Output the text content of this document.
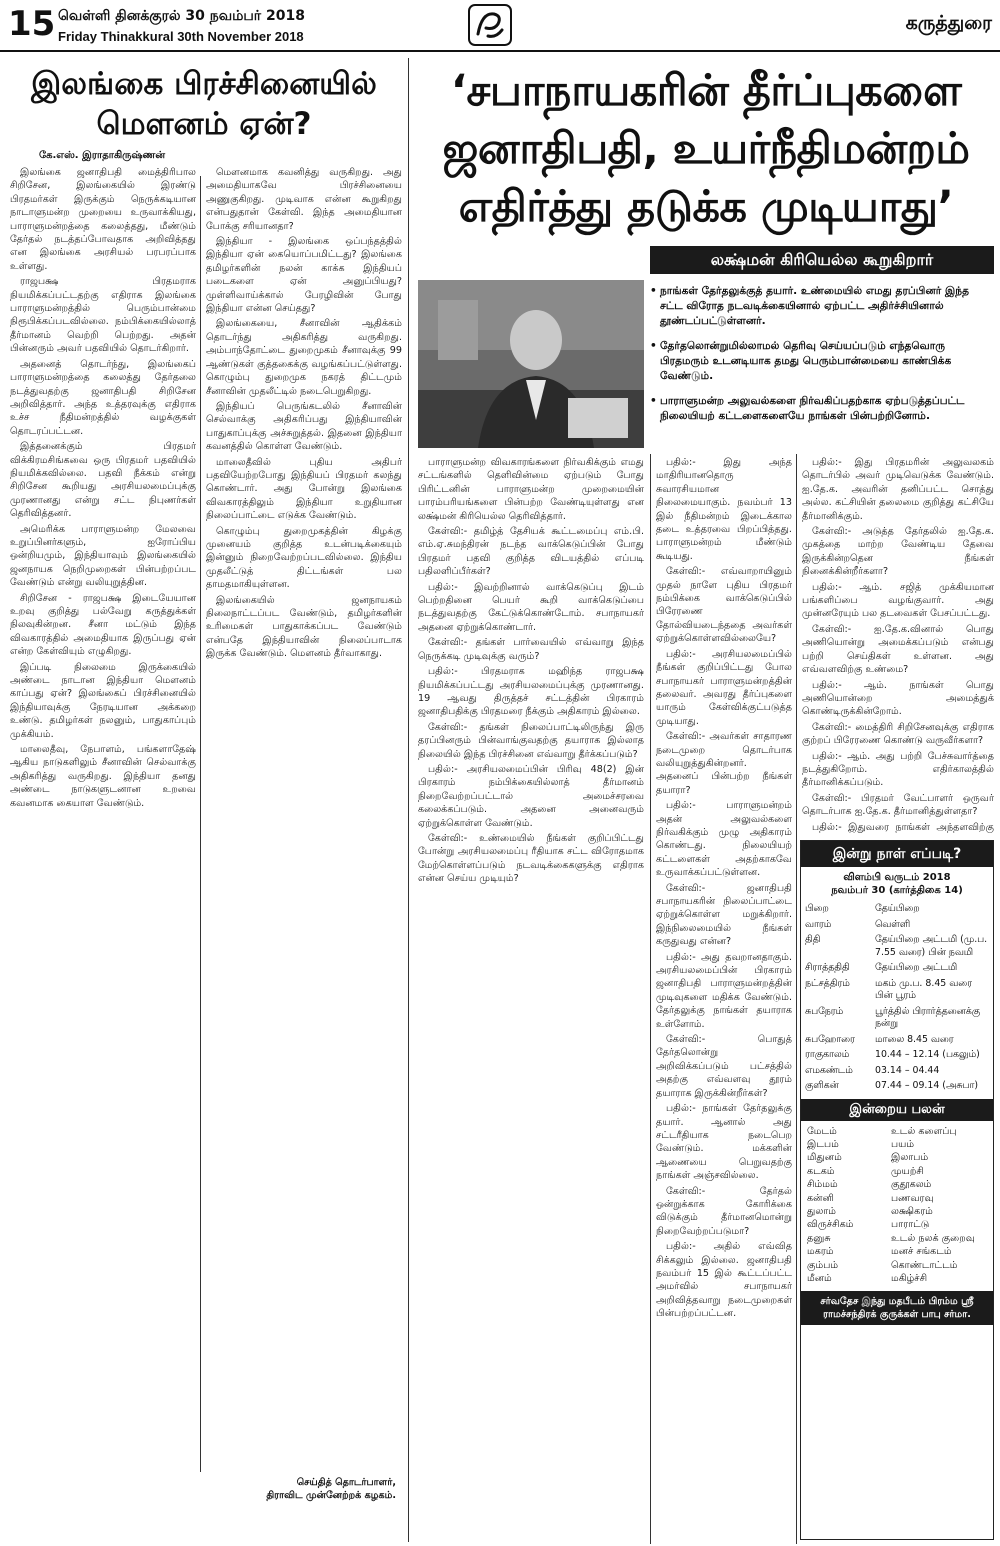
15 வெள்ளி தினக்குரல் 30 நவம்பர் 2018
Friday Thinakkural 30th November 2018
கருத்துரை
இலங்கை பிரச்சினையில்
மௌனம் ஏன்?
கே.எஸ். இராதாகிருஷ்ணன்

இலங்கை ஜனாதிபதி மைத்திரிபால சிறிசேன, இலங்கையில் இரண்டு பிரதமர்கள் இருக்கும் நெருக்கடியான நாடாளுமன்ற முறையை உருவாக்கியது, பாராளுமன்றத்தை கலைத்தது, மீண்டும் தேர்தல் நடத்தப்போவதாக அறிவித்தது என இலங்கை அரசியல் பரபரப்பாக உள்ளது.

ராஜபக்ஷ பிரதமராக நியமிக்கப்பட்டதற்கு எதிராக இலங்கை பாராளுமன்றத்தில் பெரும்பான்மை நிரூபிக்கப்படவில்லை. நம்பிக்கையில்லாத் தீர்மானம் வெற்றி பெற்றது. அதன் பின்னரும் அவர் பதவியில் தொடர்கிறார்.

அதனைத் தொடர்ந்து, இலங்கைப் பாராளுமன்றத்தை கலைத்து தேர்தலை நடத்துவதற்கு ஜனாதிபதி சிறிசேன அறிவித்தார். அந்த உத்தரவுக்கு எதிராக உச்ச நீதிமன்றத்தில் வழக்குகள் தொடரப்பட்டன.

இத்தனைக்கும் பிரதமர் விக்கிரமசிங்கவை ஒரு பிரதமர் பதவியில் நியமிக்கவில்லை. பதவி நீக்கம் என்று சிறிசேன கூறியது அரசியலமைப்புக்கு முரணானது என்று சட்ட நிபுணர்கள் தெரிவித்தனர்.

அமெரிக்க பாராளுமன்ற மேலவை உறுப்பினர்களும், ஐரோப்பிய ஒன்றியமும், இந்தியாவும் இலங்கையில் ஜனநாயக நெறிமுறைகள் பின்பற்றப்பட வேண்டும் என்று வலியுறுத்தின.

சிறிசேன - ராஜபக்ஷ இடையேயான உறவு குறித்து பல்வேறு கருத்துக்கள் நிலவுகின்றன. சீனா மட்டும் இந்த விவகாரத்தில் அமைதியாக இருப்பது ஏன் என்ற கேள்வியும் எழுகிறது.

இப்படி நிலைமை இருக்கையில் அண்டை நாடான இந்தியா மௌனம் காப்பது ஏன்? இலங்கைப் பிரச்சினையில் இந்தியாவுக்கு நேரடியான அக்கறை உண்டு. தமிழர்கள் நலனும், பாதுகாப்பும் முக்கியம்.

மாலைதீவு, நேபாளம், பங்களாதேஷ் ஆகிய நாடுகளிலும் சீனாவின் செல்வாக்கு அதிகரித்து வருகிறது. இந்தியா தனது அண்டை நாடுகளுடனான உறவை கவனமாக கையாள வேண்டும்.

மௌனமாக கவனித்து வருகிறது. அது அமைதியாகவே பிரச்சினையை அணுகுகிறது. முடிவாக என்ன கூறுகிறது என்பதுதான் கேள்வி. இந்த அமைதியான போக்கு சரியானதா?

இந்தியா - இலங்கை ஒப்பந்தத்தில் இந்தியா ஏன் கையொப்பமிட்டது? இலங்கை தமிழர்களின் நலன் காக்க இந்தியப் படைகளை ஏன் அனுப்பியது? முள்ளிவாய்க்கால் பேரழிவின் போது இந்தியா என்ன செய்தது?

இலங்கையை, சீனாவின் ஆதிக்கம் தொடர்ந்து அதிகரித்து வருகிறது. அம்பாந்தோட்டை துறைமுகம் சீனாவுக்கு 99 ஆண்டுகள் குத்தகைக்கு வழங்கப்பட்டுள்ளது. கொழும்பு துறைமுக நகரத் திட்டமும் சீனாவின் முதலீட்டில் நடைபெறுகிறது.

இந்தியப் பெருங்கடலில் சீனாவின் செல்வாக்கு அதிகரிப்பது இந்தியாவின் பாதுகாப்புக்கு அச்சுறுத்தல். இதனை இந்தியா கவனத்தில் கொள்ள வேண்டும்.

மாலைதீவில் புதிய அதிபர் பதவியேற்றபோது இந்தியப் பிரதமர் கலந்து கொண்டார். அது போன்று இலங்கை விவகாரத்திலும் இந்தியா உறுதியான நிலைப்பாட்டை எடுக்க வேண்டும்.

கொழும்பு துறைமுகத்தின் கிழக்கு முனையம் குறித்த உடன்படிக்கையும் இன்னும் நிறைவேற்றப்படவில்லை. இந்திய முதலீட்டுத் திட்டங்கள் பல தாமதமாகியுள்ளன.

இலங்கையில் ஜனநாயகம் நிலைநாட்டப்பட வேண்டும், தமிழர்களின் உரிமைகள் பாதுகாக்கப்பட வேண்டும் என்பதே இந்தியாவின் நிலைப்பாடாக இருக்க வேண்டும். மௌனம் தீர்வாகாது.

செய்தித் தொடர்பாளர்,
திராவிட முன்னேற்றக் கழகம்.
‘சபாநாயகரின் தீர்ப்புகளை
ஜனாதிபதி, உயர்நீதிமன்றம்
எதிர்த்து தடுக்க முடியாது’
லக்ஷ்மன் கிரியெல்ல கூறுகிறார்
• நாங்கள் தேர்தலுக்குத் தயார். உண்மையில் எமது தரப்பினர் இந்த சட்ட விரோத நடவடிக்கையினால் ஏற்பட்ட அதிர்ச்சியினால் தூண்டப்பட்டுள்ளனர்.
• தேர்தலொன்றுமில்லாமல் தெரிவு செய்யப்படும் எந்தவொரு பிரதமரும் உடனடியாக தமது பெரும்பான்மையை காண்பிக்க வேண்டும்.
• பாராளுமன்ற அலுவல்களை நிர்வகிப்பதற்காக ஏற்படுத்தப்பட்ட நிலையியற் கட்டளைகளையே நாங்கள் பின்பற்றினோம்.

பாராளுமன்ற விவகாரங்களை நிர்வகிக்கும் எமது சட்டங்களில் தெளிவின்மை ஏற்படும் போது பிரிட்டனின் பாராளுமன்ற முறைமையின் பாரம்பரியங்களை பின்பற்ற வேண்டியுள்ளது என லக்ஷ்மன் கிரியெல்ல தெரிவித்தார்.

கேள்வி:- தமிழ்த் தேசியக் கூட்டமைப்பு எம்.பி. எம்.ஏ.சுமந்திரன் நடந்த வாக்கெடுப்பின் போது பிரதமர் பதவி குறித்த விடயத்தில் எப்படி பதிலளிப்பீர்கள்?

பதில்:- இவற்றினால் வாக்கெடுப்பு இடம் பெற்றதினை பெயர் கூறி வாக்கெடுப்பை நடத்துவதற்கு கேட்டுக்கொண்டோம். சபாநாயகர் அதனை ஏற்றுக்கொண்டார்.

கேள்வி:- தங்கள் பார்வையில் எவ்வாறு இந்த நெருக்கடி முடிவுக்கு வரும்?

பதில்:- பிரதமராக மஹிந்த ராஜபக்ஷ நியமிக்கப்பட்டது அரசியலமைப்புக்கு முரணானது. 19 ஆவது திருத்தச் சட்டத்தின் பிரகாரம் ஜனாதிபதிக்கு பிரதமரை நீக்கும் அதிகாரம் இல்லை.

கேள்வி:- தங்கள் நிலைப்பாட்டிலிருந்து இரு தரப்பினரும் பின்வாங்குவதற்கு தயாராக இல்லாத நிலையில் இந்த பிரச்சினை எவ்வாறு தீர்க்கப்படும்?

பதில்:- அரசியலமைப்பின் பிரிவு 48(2) இன் பிரகாரம் நம்பிக்கையில்லாத் தீர்மானம் நிறைவேற்றப்பட்டால் அமைச்சரவை கலைக்கப்படும். அதனை அனைவரும் ஏற்றுக்கொள்ள வேண்டும்.

கேள்வி:- உண்மையில் நீங்கள் குறிப்பிட்டது போன்று அரசியலமைப்பு ரீதியாக சட்ட விரோதமாக மேற்கொள்ளப்படும் நடவடிக்கைகளுக்கு எதிராக என்ன செய்ய முடியும்?

பதில்:- இது அந்த மாதிரியானதொரு சுவாரசியமான நிலைமையாகும். நவம்பர் 13 இல் நீதிமன்றம் இடைக்கால தடை உத்தரவை பிறப்பித்தது. பாராளுமன்றம் மீண்டும் கூடியது.

கேள்வி:- எவ்வாறாயினும் முதல் நாளே புதிய பிரதமர் நம்பிக்கை வாக்கெடுப்பில் பிரேரணை தோல்வியடைந்ததை அவர்கள் ஏற்றுக்கொள்ளவில்லையே?

பதில்:- அரசியலமைப்பில் நீங்கள் குறிப்பிட்டது போல சபாநாயகர் பாராளுமன்றத்தின் தலைவர். அவரது தீர்ப்புகளை யாரும் கேள்விக்குட்படுத்த முடியாது.

கேள்வி:- அவர்கள் சாதாரண நடைமுறை தொடர்பாக வலியுறுத்துகின்றனர். அதனைப் பின்பற்ற நீங்கள் தயாரா?

பதில்:- பாராளுமன்றம் அதன் அலுவல்களை நிர்வகிக்கும் முழு அதிகாரம் கொண்டது. நிலையியற் கட்டளைகள் அதற்காகவே உருவாக்கப்பட்டுள்ளன.

கேள்வி:- ஜனாதிபதி சபாநாயகரின் நிலைப்பாட்டை ஏற்றுக்கொள்ள மறுக்கிறார். இந்நிலைமையில் நீங்கள் கருதுவது என்ன?

பதில்:- அது தவறானதாகும். அரசியலமைப்பின் பிரகாரம் ஜனாதிபதி பாராளுமன்றத்தின் முடிவுகளை மதிக்க வேண்டும். தேர்தலுக்கு நாங்கள் தயாராக உள்ளோம்.

கேள்வி:- பொதுத் தேர்தலொன்று அறிவிக்கப்படும் பட்சத்தில் அதற்கு எவ்வளவு தூரம் தயாராக இருக்கின்றீர்கள்?

பதில்:- நாங்கள் தேர்தலுக்கு தயார். ஆனால் அது சட்டரீதியாக நடைபெற வேண்டும். மக்களின் ஆணையை பெறுவதற்கு நாங்கள் அஞ்சவில்லை.

கேள்வி:- தேர்தல் ஒன்றுக்காக கோரிக்கை விடுக்கும் தீர்மானமொன்று நிறைவேற்றப்படுமா?

பதில்:- அதில் எவ்வித சிக்கலும் இல்லை. ஜனாதிபதி நவம்பர் 15 இல் கூட்டப்பட்ட அமர்வில் சபாநாயகர் அறிவித்தவாறு நடைமுறைகள் பின்பற்றப்பட்டன.

பதில்:- இது பிரதமரின் அலுவலகம் தொடர்பில் அவர் முடிவெடுக்க வேண்டும். ஐ.தே.க. அவரின் தனிப்பட்ட சொத்து அல்ல. கட்சியின் தலைமை குறித்து கட்சியே தீர்மானிக்கும்.

கேள்வி:- அடுத்த தேர்தலில் ஐ.தே.க. முகத்தை மாற்ற வேண்டிய தேவை இருக்கின்றதென நீங்கள் நினைக்கின்றீர்களா?

பதில்:- ஆம். சஜித் முக்கியமான பங்களிப்பை வழங்குவார். அது முன்னரேயும் பல தடவைகள் பேசப்பட்டது.

கேள்வி:- ஐ.தே.க.வினால் பொது அணியொன்று அமைக்கப்படும் என்பது பற்றி செய்திகள் உள்ளன. அது எவ்வளவிற்கு உண்மை?

பதில்:- ஆம். நாங்கள் பொது அணியொன்றை அமைத்துக் கொண்டிருக்கின்றோம்.

கேள்வி:- மைத்திரி சிறிசேனவுக்கு எதிராக குற்றப் பிரேரணை கொண்டு வருவீர்களா?

பதில்:- ஆம். அது பற்றி பேச்சுவார்த்தை நடத்துகிறோம். எதிர்காலத்தில் தீர்மானிக்கப்படும்.

கேள்வி:- பிரதமர் வேட்பாளர் ஒருவர் தொடர்பாக ஐ.தே.க. தீர்மானித்துள்ளதா?

பதில்:- இதுவரை நாங்கள் அந்தளவிற்கு

இன்று நாள் எப்படி?
விளம்பி வருடம் 2018
நவம்பர் 30 (கார்த்திகை 14)
பிறை	தேய்பிறை
வாரம்	வெள்ளி
திதி	தேய்பிறை அட்டமி (மு.ப. 7.55 வரை) பின் நவமி
சிராத்ததிதி	தேய்பிறை அட்டமி
நட்சத்திரம்	மகம் மு.ப. 8.45 வரை பின் பூரம்
சுபநேரம்	பூர்த்தில் பிரார்த்தனைக்கு நன்று
சுபஹோரை	மாலை 8.45 வரை
ராகுகாலம்	10.44 – 12.14 (பகலும்)
எமகண்டம்	03.14 – 04.44
குளிகன்	07.44 – 09.14 (அசுபா)
இன்றைய பலன்
மேடம்	உடல் களைப்பு
இடபம்	பயம்
மிதுனம்	இலாபம்
கடகம்	முயற்சி
சிம்மம்	குதூகலம்
கன்னி	பணவரவு
துலாம்	லக்ஷிகரம்
விருச்சிகம்	பாராட்டு
தனுசு	உடல் நலக் குறைவு
மகரம்	மனச் சங்கடம்
கும்பம்	கொண்டாட்டம்
மீனம்	மகிழ்ச்சி
சர்வதேச இந்து மதபீடம் பிரம்ம ஸ்ரீ ராமச்சந்திரக் குருக்கள் பாபு சர்மா.
